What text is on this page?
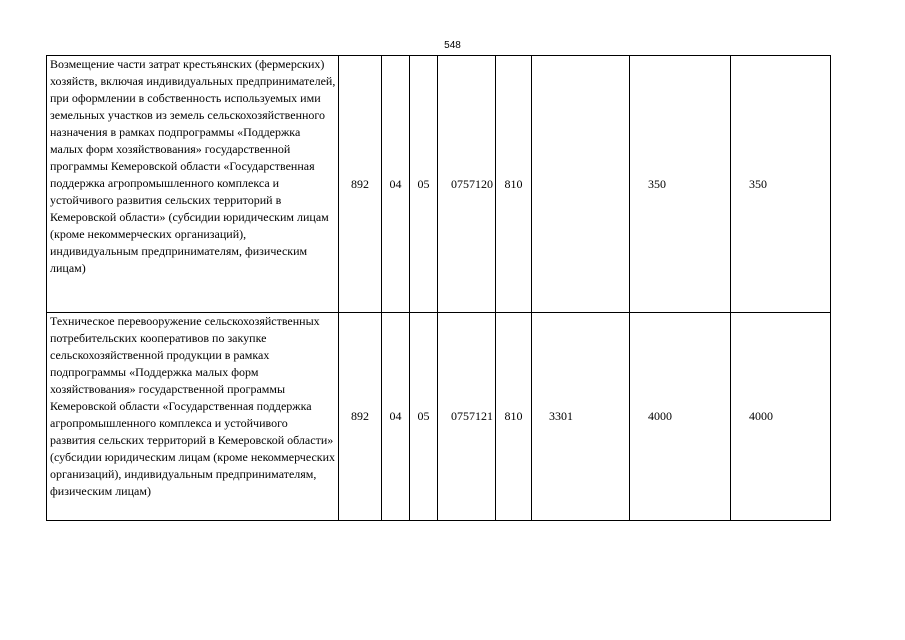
548
Возмещение части затрат крестьянских (фермерских) хозяйств, включая индивидуальных предпринимателей, при оформлении в собственность используемых ими земельных участков из земель сельскохозяйственного назначения в рамках подпрограммы «Поддержка малых форм хозяйствования» государственной программы Кемеровской области «Государственная поддержка агропромышленного комплекса и устойчивого развития сельских территорий в Кемеровской области» (субсидии юридическим лицам (кроме некоммерческих организаций), индивидуальным предпринимателям, физическим лицам)	892	04	05	0757120	810		350	350
Техническое перевооружение сельскохозяйственных потребительских кооперативов по закупке сельскохозяйственной продукции в рамках подпрограммы «Поддержка малых форм хозяйствования» государственной программы Кемеровской области «Государственная поддержка агропромышленного комплекса и устойчивого развития сельских территорий в Кемеровской области» (субсидии юридическим лицам (кроме некоммерческих организаций), индивидуальным предпринимателям, физическим лицам)	892	04	05	0757121	810	3301	4000	4000
